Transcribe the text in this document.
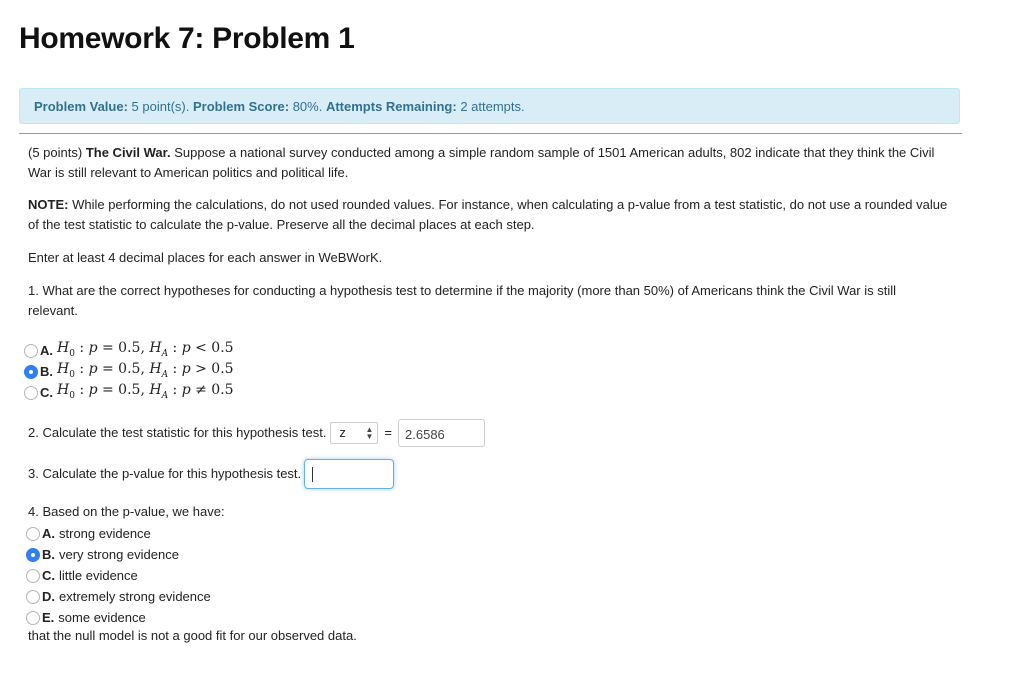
Homework 7: Problem 1
Problem Value: 5 point(s). Problem Score: 80%. Attempts Remaining: 2 attempts.

(5 points) The Civil War. Suppose a national survey conducted among a simple random sample of 1501 American adults, 802 indicate that they think the Civil War is still relevant to American politics and political life.

NOTE: While performing the calculations, do not used rounded values. For instance, when calculating a p-value from a test statistic, do not use a rounded value of the test statistic to calculate the p-value. Preserve all the decimal places at each step.

Enter at least 4 decimal places for each answer in WeBWorK.

1. What are the correct hypotheses for conducting a hypothesis test to determine if the majority (more than 50%) of Americans think the Civil War is still relevant.

A. $H_0$ : p = 0.5, $H_A$ : p < 0.5
B. $H_0$ : p = 0.5, $H_A$ : p > 0.5
C. $H_0$ : p = 0.5, $H_A$ : p ≠ 0.5
2. Calculate the test statistic for this hypothesis test. z ▲
▼ =	2.6586
3. Calculate the p-value for this hypothesis test.

4. Based on the p-value, we have:

A. strong evidence
B. very strong evidence
C. little evidence
D. extremely strong evidence
E. some evidence

that the null model is not a good fit for our observed data.
